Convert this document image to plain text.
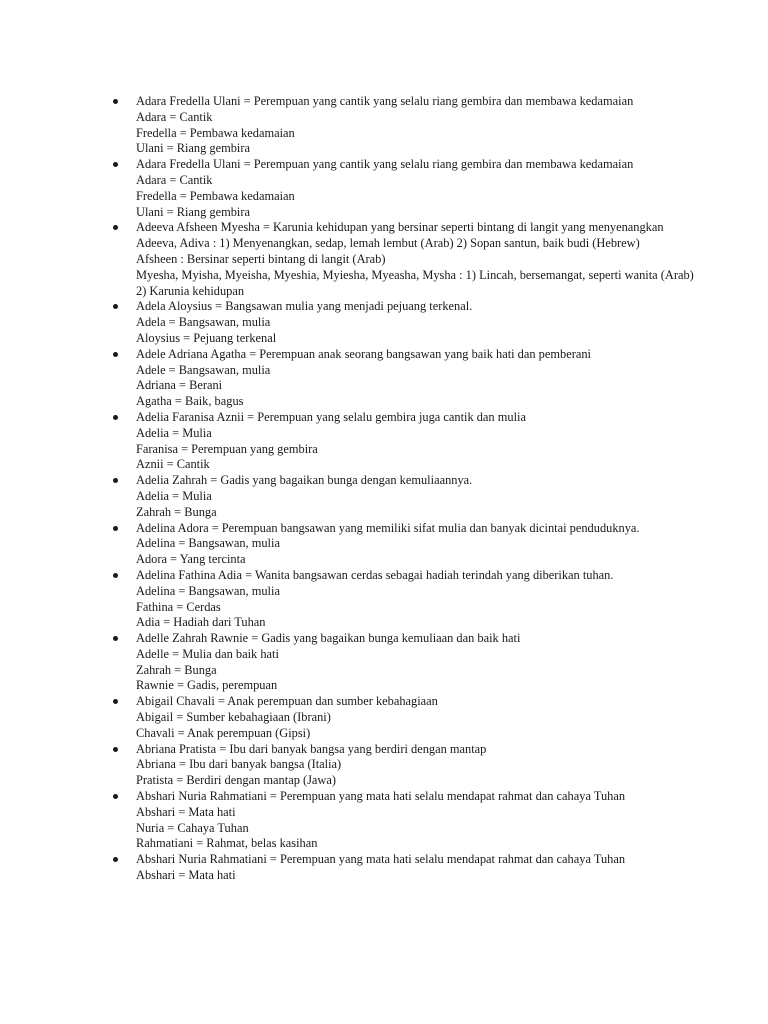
Adara Fredella Ulani = Perempuan yang cantik yang selalu riang gembira dan membawa kedamaian
Adara = Cantik
Fredella = Pembawa kedamaian
Ulani = Riang gembira
Adara Fredella Ulani = Perempuan yang cantik yang selalu riang gembira dan membawa kedamaian
Adara = Cantik
Fredella = Pembawa kedamaian
Ulani = Riang gembira
Adeeva Afsheen Myesha = Karunia kehidupan yang bersinar seperti bintang di langit yang menyenangkan
Adeeva, Adiva : 1) Menyenangkan, sedap, lemah lembut (Arab) 2) Sopan santun, baik budi (Hebrew)
Afsheen : Bersinar seperti bintang di langit (Arab)
Myesha, Myisha, Myeisha, Myeshia, Myiesha, Myeasha, Mysha : 1) Lincah, bersemangat, seperti wanita (Arab) 2) Karunia kehidupan
Adela Aloysius = Bangsawan mulia yang menjadi pejuang terkenal.
Adela = Bangsawan, mulia
Aloysius = Pejuang terkenal
Adele Adriana Agatha = Perempuan anak seorang bangsawan yang baik hati dan pemberani
Adele = Bangsawan, mulia
Adriana = Berani
Agatha = Baik, bagus
Adelia Faranisa Aznii = Perempuan yang selalu gembira juga cantik dan mulia
Adelia = Mulia
Faranisa = Perempuan yang gembira
Aznii = Cantik
Adelia Zahrah = Gadis yang bagaikan bunga dengan kemuliaannya.
Adelia = Mulia
Zahrah = Bunga
Adelina Adora = Perempuan bangsawan yang memiliki sifat mulia dan banyak dicintai penduduknya.
Adelina = Bangsawan, mulia
Adora = Yang tercinta
Adelina Fathina Adia = Wanita bangsawan cerdas sebagai hadiah terindah yang diberikan tuhan.
Adelina = Bangsawan, mulia
Fathina = Cerdas
Adia = Hadiah dari Tuhan
Adelle Zahrah Rawnie = Gadis yang bagaikan bunga kemuliaan dan baik hati
Adelle = Mulia dan baik hati
Zahrah = Bunga
Rawnie = Gadis, perempuan
Abigail Chavali = Anak perempuan dan sumber kebahagiaan
Abigail = Sumber kebahagiaan (Ibrani)
Chavali = Anak perempuan (Gipsi)
Abriana Pratista = Ibu dari banyak bangsa yang berdiri dengan mantap
Abriana = Ibu dari banyak bangsa (Italia)
Pratista = Berdiri dengan mantap (Jawa)
Abshari Nuria Rahmatiani = Perempuan yang mata hati selalu mendapat rahmat dan cahaya Tuhan
Abshari = Mata hati
Nuria = Cahaya Tuhan
Rahmatiani = Rahmat, belas kasihan
Abshari Nuria Rahmatiani = Perempuan yang mata hati selalu mendapat rahmat dan cahaya Tuhan
Abshari = Mata hati
